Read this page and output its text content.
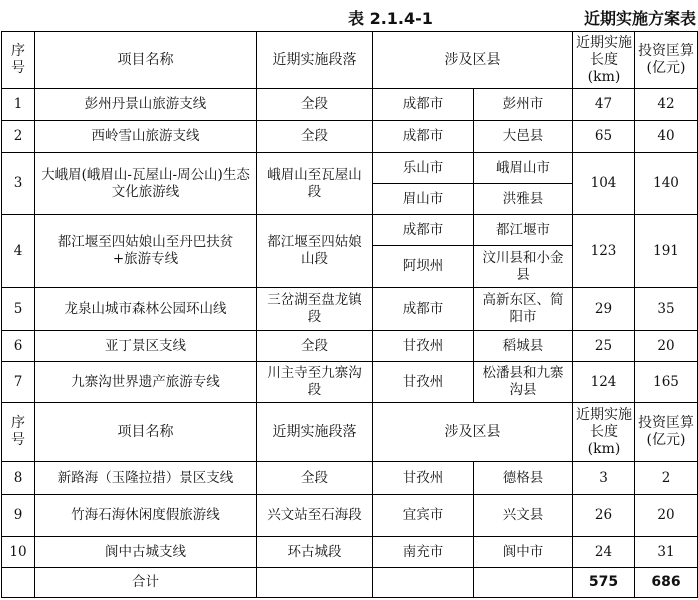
表 2.1.4-1	近期实施方案表
序号	项目名称	近期实施段落	涉及区县		近期实施长度(km)	投资匡算(亿元)
1	彭州丹景山旅游支线	全段	成都市	彭州市	47	42
2	西岭雪山旅游支线	全段	成都市	大邑县	65	40
3	大峨眉(峨眉山-瓦屋山-周公山)生态文化旅游线	峨眉山至瓦屋山段	乐山市	峨眉山市	104	140
			眉山市	洪雅县		
4	都江堰至四姑娘山至丹巴扶贫+旅游专线	都江堰至四姑娘山段	成都市	都江堰市	123	191
			阿坝州	汶川县和小金县		
5	龙泉山城市森林公园环山线	三岔湖至盘龙镇段	成都市	高新东区、简阳市	29	35
6	亚丁景区支线	全段	甘孜州	稻城县	25	20
7	九寨沟世界遗产旅游专线	川主寺至九寨沟段	甘孜州	松潘县和九寨沟县	124	165
序号	项目名称	近期实施段落	涉及区县		近期实施长度(km)	投资匡算(亿元)
8	新路海（玉隆拉措）景区支线	全段	甘孜州	德格县	3	2
9	竹海石海休闲度假旅游线	兴文站至石海段	宜宾市	兴文县	26	20
10	阆中古城支线	环古城段	南充市	阆中市	24	31
	合计				575	686
